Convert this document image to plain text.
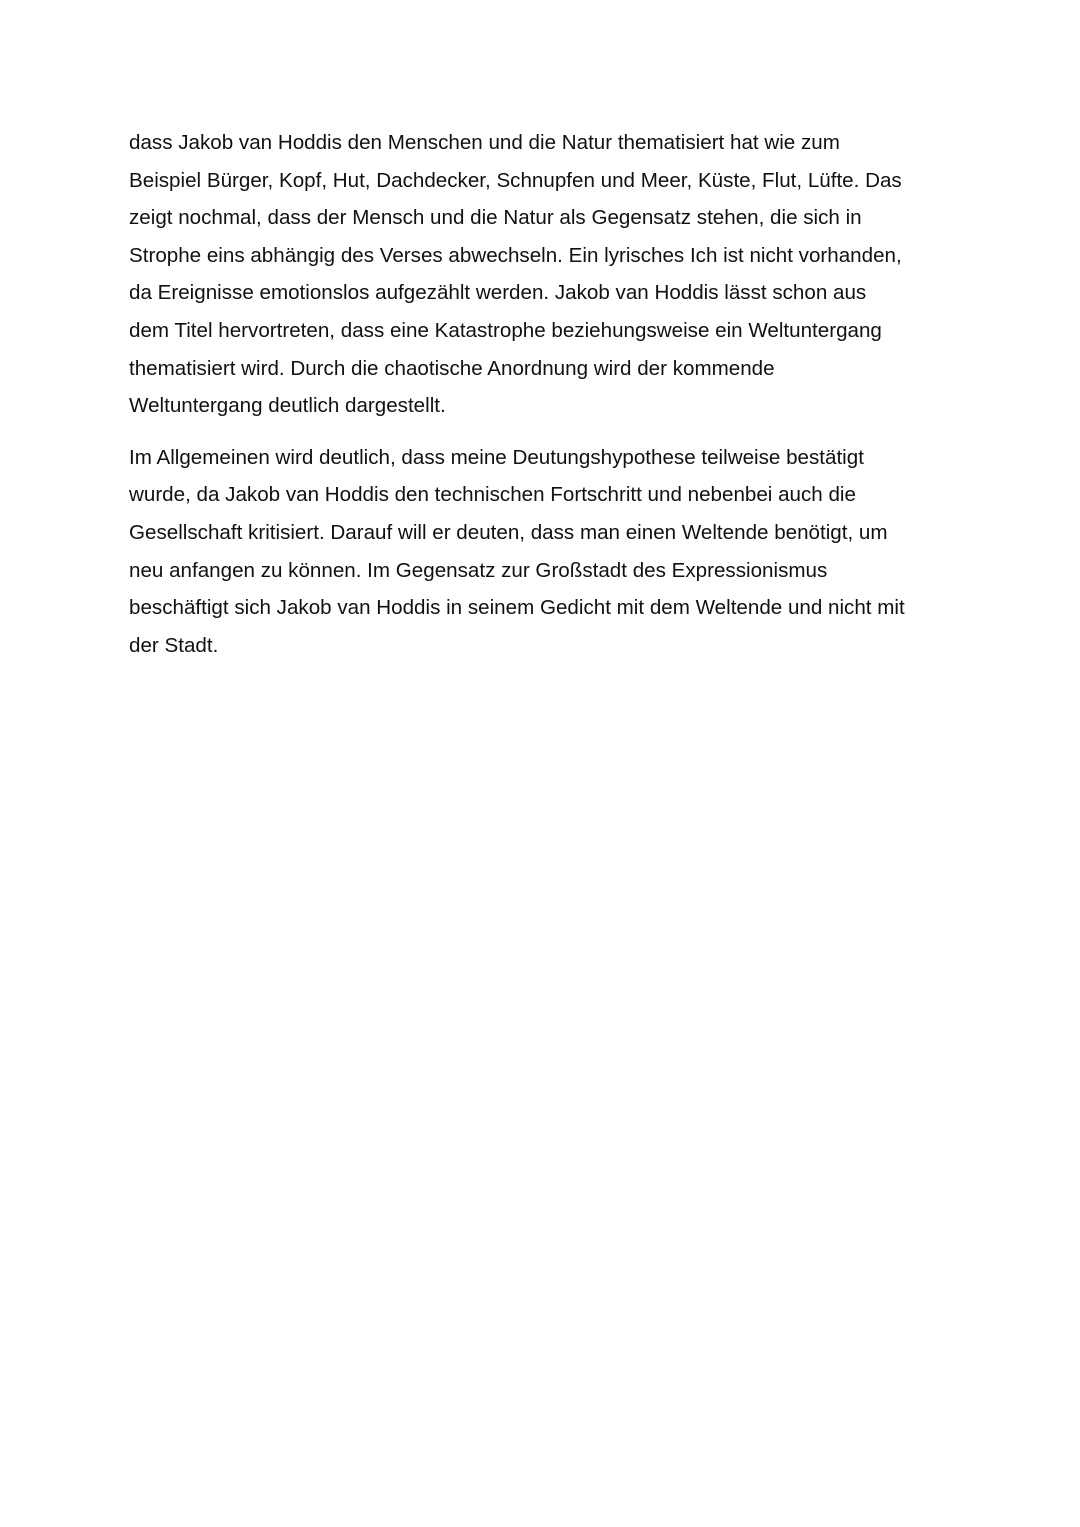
dass Jakob van Hoddis den Menschen und die Natur thematisiert hat wie zum
Beispiel Bürger, Kopf, Hut, Dachdecker, Schnupfen und Meer, Küste, Flut, Lüfte. Das
zeigt nochmal, dass der Mensch und die Natur als Gegensatz stehen, die sich in
Strophe eins abhängig des Verses abwechseln. Ein lyrisches Ich ist nicht vorhanden,
da Ereignisse emotionslos aufgezählt werden. Jakob van Hoddis lässt schon aus
dem Titel hervortreten, dass eine Katastrophe beziehungsweise ein Weltuntergang
thematisiert wird. Durch die chaotische Anordnung wird der kommende
Weltuntergang deutlich dargestellt.
Im Allgemeinen wird deutlich, dass meine Deutungshypothese teilweise bestätigt
wurde, da Jakob van Hoddis den technischen Fortschritt und nebenbei auch die
Gesellschaft kritisiert. Darauf will er deuten, dass man einen Weltende benötigt, um
neu anfangen zu können. Im Gegensatz zur Großstadt des Expressionismus
beschäftigt sich Jakob van Hoddis in seinem Gedicht mit dem Weltende und nicht mit
der Stadt.
